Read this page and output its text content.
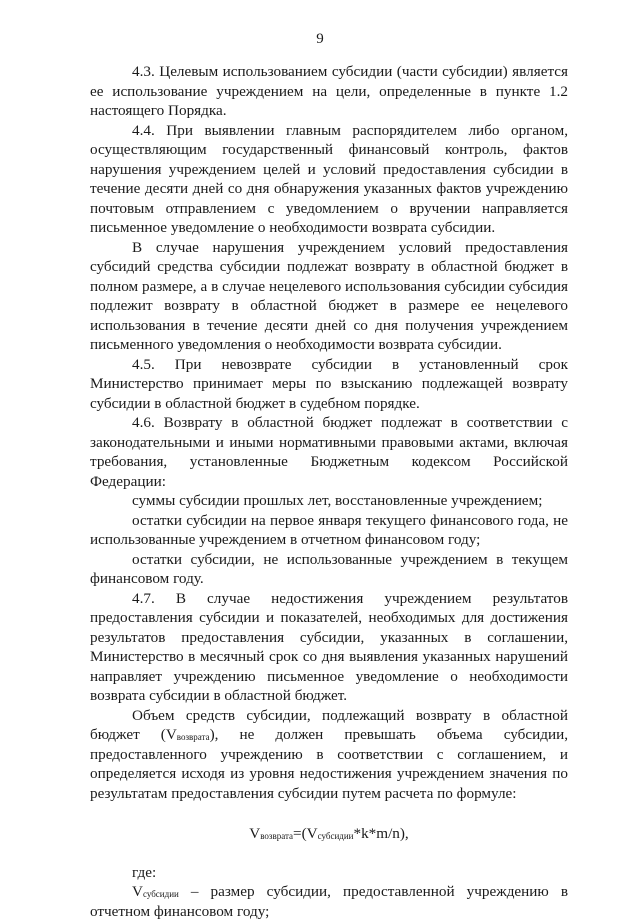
9

4.3. Целевым использованием субсидии (части субсидии) является ее использование учреждением на цели, определенные в пункте 1.2 настоящего Порядка.

4.4. При выявлении главным распорядителем либо органом, осуществляющим государственный финансовый контроль, фактов нарушения учреждением целей и условий предоставления субсидии в течение десяти дней со дня обнаружения указанных фактов учреждению почтовым отправлением с уведомлением о вручении направляется письменное уведомление о необходимости возврата субсидии.

В случае нарушения учреждением условий предоставления субсидий средства субсидии подлежат возврату в областной бюджет в полном размере, а в случае нецелевого использования субсидии субсидия подлежит возврату в областной бюджет в размере ее нецелевого использования в течение десяти дней со дня получения учреждением письменного уведомления о необходимости возврата субсидии.

4.5. При невозврате субсидии в установленный срок Министерство принимает меры по взысканию подлежащей возврату субсидии в областной бюджет в судебном порядке.

4.6. Возврату в областной бюджет подлежат в соответствии с законодательными и иными нормативными правовыми актами, включая требования, установленные Бюджетным кодексом Российской Федерации:

суммы субсидии прошлых лет, восстановленные учреждением;

остатки субсидии на первое января текущего финансового года, не использованные учреждением в отчетном финансовом году;

остатки субсидии, не использованные учреждением в текущем финансовом году.

4.7. В случае недостижения учреждением результатов предоставления субсидии и показателей, необходимых для достижения результатов предоставления субсидии, указанных в соглашении, Министерство в месячный срок со дня выявления указанных нарушений направляет учреждению письменное уведомление о необходимости возврата субсидии в областной бюджет.

Объем средств субсидии, подлежащий возврату в областной бюджет $(V_{возврата})$, не должен превышать объема субсидии, предоставленного учреждению в соответствии с соглашением, и определяется исходя из уровня недостижения учреждением значения по результатам предоставления субсидии путем расчета по формуле:

$V_{возврата}=(V_{субсидии}*k*m/n)$,

где:

$V_{субсидии}$ – размер субсидии, предоставленной учреждению в отчетном финансовом году;
